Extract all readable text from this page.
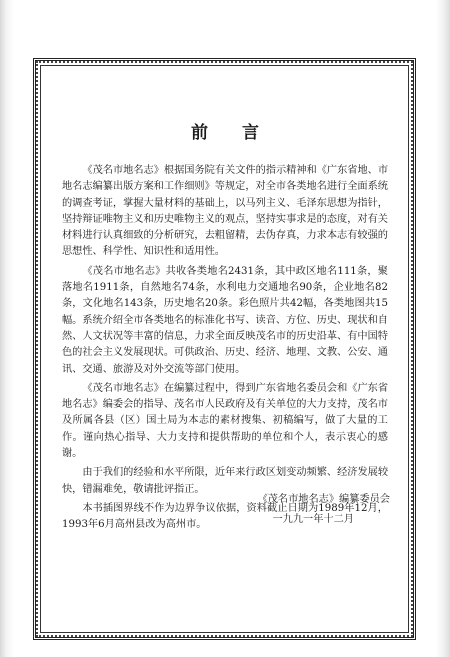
前 言

《茂名市地名志》根据国务院有关文件的指示精神和《广东省地、市地名志编纂出版方案和工作细则》等规定，对全市各类地名进行全面系统的调查考证，掌握大量材料的基础上，以马列主义、毛泽东思想为指针，坚持辩证唯物主义和历史唯物主义的观点，坚持实事求是的态度，对有关材料进行认真细致的分析研究，去粗留精，去伪存真，力求本志有较强的思想性、科学性、知识性和适用性。

《茂名市地名志》共收各类地名2431条，其中政区地名111条，聚落地名1911条，自然地名74条，水利电力交通地名90条，企业地名82条，文化地名143条，历史地名20条。彩色照片共42幅，各类地图共15幅。系统介绍全市各类地名的标准化书写、读音、方位、历史、现状和自然、人文状况等丰富的信息，力求全面反映茂名市的历史沿革、有中国特色的社会主义发展现状。可供政治、历史、经济、地理、文教、公安、通讯、交通、旅游及对外交流等部门使用。

《茂名市地名志》在编纂过程中，得到广东省地名委员会和《广东省地名志》编委会的指导、茂名市人民政府及有关单位的大力支持，茂名市及所属各县（区）国土局为本志的素材搜集、初稿编写，做了大量的工作。谨向热心指导、大力支持和提供帮助的单位和个人，表示衷心的感谢。

由于我们的经验和水平所限，近年来行政区划变动频繁、经济发展较快，错漏难免，敬请批评指正。

本书插图界线不作为边界争议依据，资料截止日期为1989年12月，1993年6月高州县改为高州市。

《茂名市地名志》编纂委员会
一九九一年十二月
